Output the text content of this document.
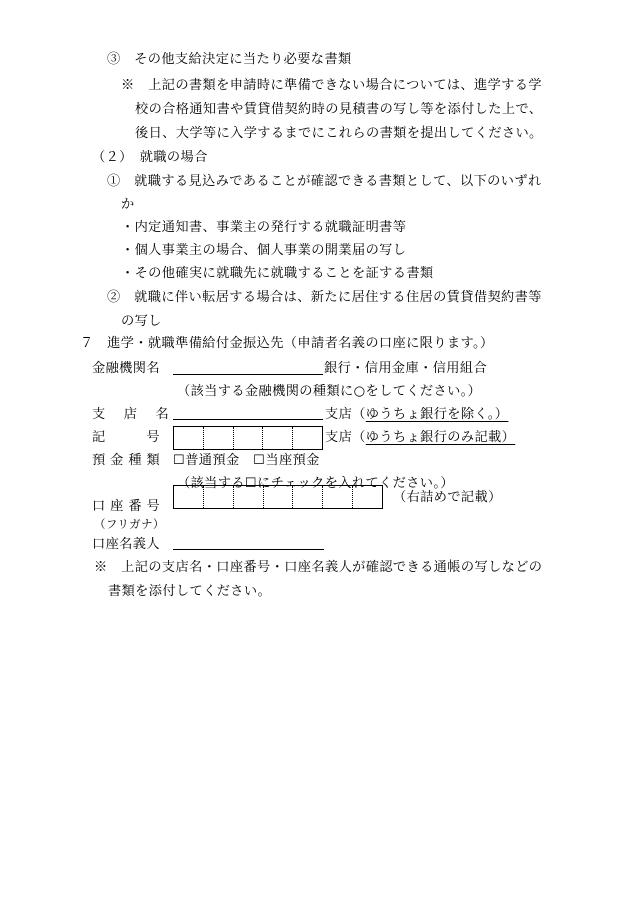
③　その他支給決定に当たり必要な書類
※　上記の書類を申請時に準備できない場合については、進学する学
校の合格通知書や賃貸借契約時の見積書の写し等を添付した上で、
後日、大学等に入学するまでにこれらの書類を提出してください。
（２）　就職の場合
①　就職する見込みであることが確認できる書類として、以下のいずれ
か
・内定通知書、事業主の発行する就職証明書等
・個人事業主の場合、個人事業の開業届の写し
・その他確実に就職先に就職することを証する書類
②　就職に伴い転居する場合は、新たに居住する住居の賃貸借契約書等
の写し
７　進学・就職準備給付金振込先（申請者名義の口座に限ります。）
金融機関名	銀行・信用金庫・信用組合
（該当する金融機関の種類に○をしてください。）
支　 店 　名	支店（ゆうちょ銀行を除く。）
記　　　号	支店（ゆうちょ銀行のみ記載）
預 金 種 類 ☐普通預金　☐当座預金
（該当する☐にチェックを入れてください。）
口 座 番 号
（右詰めで記載）
（フリガナ）
口座名義人
※　上記の支店名・口座番号・口座名義人が確認できる通帳の写しなどの
書類を添付してください。
